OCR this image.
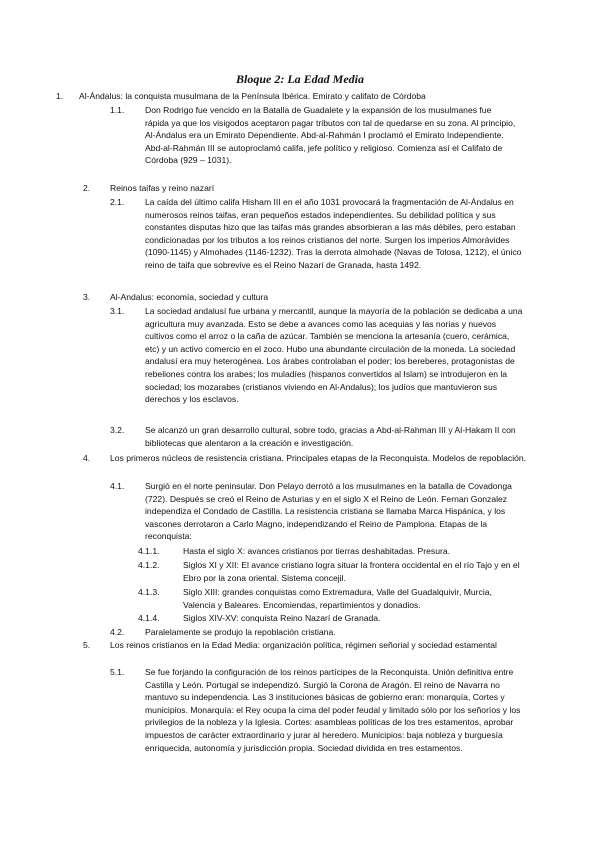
Bloque 2: La Edad Media
1. Al-Ándalus: la conquista musulmana de la Península Ibérica. Emirato y califato de Córdoba
1.1. Don Rodrigo fue vencido en la Batalla de Guadalete y la expansión de los musulmanes fue rápida ya que los visigodos aceptaron pagar tributos con tal de quedarse en su zona. Al principio, Al-Ándalus era un Emirato Dependiente. Abd-al-Rahmán I proclamó el Emirato Independiente. Abd-al-Rahmán III se autoproclamó califa, jefe político y religioso. Comienza así el Califato de Córdoba (929 – 1031).
2. Reinos taifas y reino nazarí
2.1. La caída del último califa Hisham III en el año 1031 provocará la fragmentación de Al-Ándalus en numerosos reinos taifas, eran pequeños estados independientes. Su debilidad política y sus constantes disputas hizo que las taifas más grandes absorbieran a las más débiles, pero estaban condicionadas por los tributos a los reinos cristianos del norte. Surgen los imperios Almorávides (1090-1145) y Almohades (1146-1232). Tras la derrota almohade (Navas de Tolosa, 1212), el único reino de taifa que sobrevive es el Reino Nazarí de Granada, hasta 1492.
3. Al-Andalus: economía, sociedad y cultura
3.1. La sociedad andalusí fue urbana y mercantil, aunque la mayoría de la población se dedicaba a una agricultura muy avanzada. Esto se debe a avances como las acequias y las norias y nuevos cultivos como el arroz o la caña de azúcar. También se menciona la artesanía (cuero, cerámica, etc) y un activo comercio en el zoco. Hubo una abundante circulación de la moneda. La sociedad andalusí era muy heterogénea. Los árabes controlaban el poder; los bereberes, protagonistas de rebeliones contra los arabes; los muladíes (hispanos convertidos al Islam) se introdujeron en la sociedad; los mozarabes (cristianos viviendo en Al-Andalus); los judíos que mantuvieron sus derechos y los esclavos.
3.2. Se alcanzó un gran desarrollo cultural, sobre todo, gracias a Abd-al-Rahman III y Al-Hakam II con bibliotecas que alentaron a la creación e investigación.
4. Los primeros núcleos de resistencia cristiana. Principales etapas de la Reconquista. Modelos de repoblación.
4.1. Surgió en el norte peninsular. Don Pelayo derrotó a los musulmanes en la batalla de Covadonga (722). Después se creó el Reino de Asturias y en el siglo X el Reino de León. Fernan Gonzalez independiza el Condado de Castilla. La resistencia cristiana se llamaba Marca Hispánica, y los vascones derrotaron a Carlo Magno, independizando el Reino de Pamplona. Etapas de la reconquista:
4.1.1.	Hasta el siglo X: avances cristianos por tierras deshabitadas. Presura.
4.1.2.	Siglos XI y XII: El avance cristiano logra situar la frontera occidental en el río Tajo y en el Ebro por la zona oriental. Sistema concejil.
4.1.3.	Siglo XIII: grandes conquistas como Extremadura, Valle del Guadalquivir, Murcia, Valencia y Baleares. Encomiendas, repartimientos y donadios.
4.1.4.	Siglos XIV-XV: conquista Reino Nazarí de Granada.
4.2. Paralelamente se produjo la repoblación cristiana.
5. Los reinos cristianos en la Edad Media: organización política, régimen señorial y sociedad estamental
5.1. Se fue forjando la configuración de los reinos partícipes de la Reconquista. Unión definitiva entre Castilla y León. Portugal se independizó. Surgió la Corona de Aragón. El reino de Navarra no mantuvo su independencia. Las 3 instituciones básicas de gobierno eran: monarquía, Cortes y municipios. Monarquía: el Rey ocupa la cima del poder feudal y limitado sólo por los señoríos y los privilegios de la nobleza y la Iglesia. Cortes: asambleas políticas de los tres estamentos, aprobar impuestos de carácter extraordinario y jurar al heredero. Municipios: baja nobleza y burguesía enriquecida, autonomía y jurisdicción propia. Sociedad dividida en tres estamentos.
